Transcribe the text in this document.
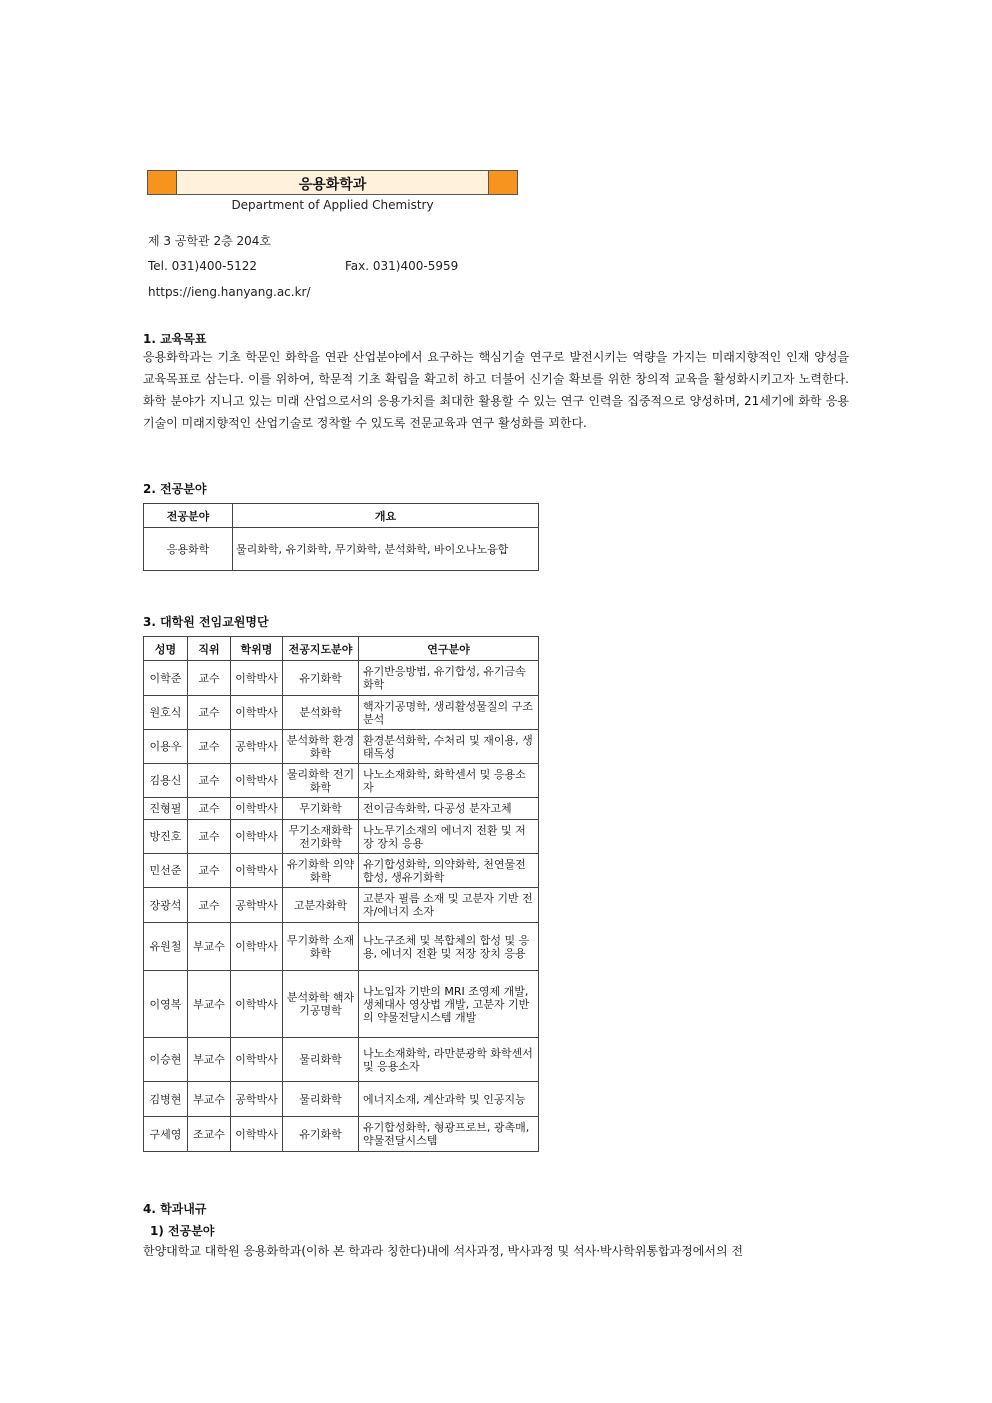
응용화학과
Department of Applied Chemistry
제 3 공학관 2층 204호
Tel. 031)400-5122	Fax. 031)400-5959
https://ieng.hanyang.ac.kr/
1. 교육목표
응용화학과는 기초 학문인 화학을 연관 산업분야에서 요구하는 핵심기술 연구로 발전시키는 역량을 가지는 미래지향적인 인재 양성을 교육목표로 삼는다. 이를 위하여, 학문적 기초 확립을 확고히 하고 더불어 신기술 확보를 위한 창의적 교육을 활성화시키고자 노력한다. 화학 분야가 지니고 있는 미래 산업으로서의 응용가치를 최대한 활용할 수 있는 연구 인력을 집중적으로 양성하며, 21세기에 화학 응용기술이 미래지향적인 산업기술로 정착할 수 있도록 전문교육과 연구 활성화를 꾀한다.
2. 전공분야
전공분야	개요
응용화학	물리화학, 유기화학, 무기화학, 분석화학, 바이오나노융합
3. 대학원 전임교원명단
성명	직위	학위명	전공지도분야	연구분야
이학준	교수	이학박사	유기화학	유기반응방법, 유기합성, 유기금속화학
원호식	교수	이학박사	분석화학	핵자기공명학, 생리활성물질의 구조분석
이용우	교수	공학박사	분석화학 환경화학	환경분석화학, 수처리 및 재이용, 생태독성
김용신	교수	이학박사	물리화학 전기화학	나노소재화학, 화학센서 및 응용소자
진형필	교수	이학박사	무기화학	전이금속화학, 다공성 분자고체
방진호	교수	이학박사	무기소재화학 전기화학	나노무기소재의 에너지 전환 및 저장 장치 응용
민선준	교수	이학박사	유기화학 의약화학	유기합성화학, 의약화학, 천연물전합성, 생유기화학
장광석	교수	공학박사	고분자화학	고분자 필름 소재 및 고분자 기반 전자/에너지 소자
유원철	부교수	이학박사	무기화학 소재화학	나노구조체 및 복합체의 합성 및 응용, 에너지 전환 및 저장 장치 응용
이영복	부교수	이학박사	분석화학 핵자기공명학	나노입자 기반의 MRI 조영제 개발, 생체대사 영상법 개발, 고분자 기반의 약물전달시스템 개발
이승현	부교수	이학박사	물리화학	나노소재화학, 라만분광학 화학센서 및 응용소자
김병현	부교수	공학박사	물리화학	에너지소재, 계산과학 및 인공지능
구세영	조교수	이학박사	유기화학	유기합성화학, 형광프로브, 광촉매, 약물전달시스템
4. 학과내규
1) 전공분야
한양대학교 대학원 응용화학과(이하 본 학과라 칭한다)내에 석사과정, 박사과정 및 석사·박사학위통합과정에서의 전
